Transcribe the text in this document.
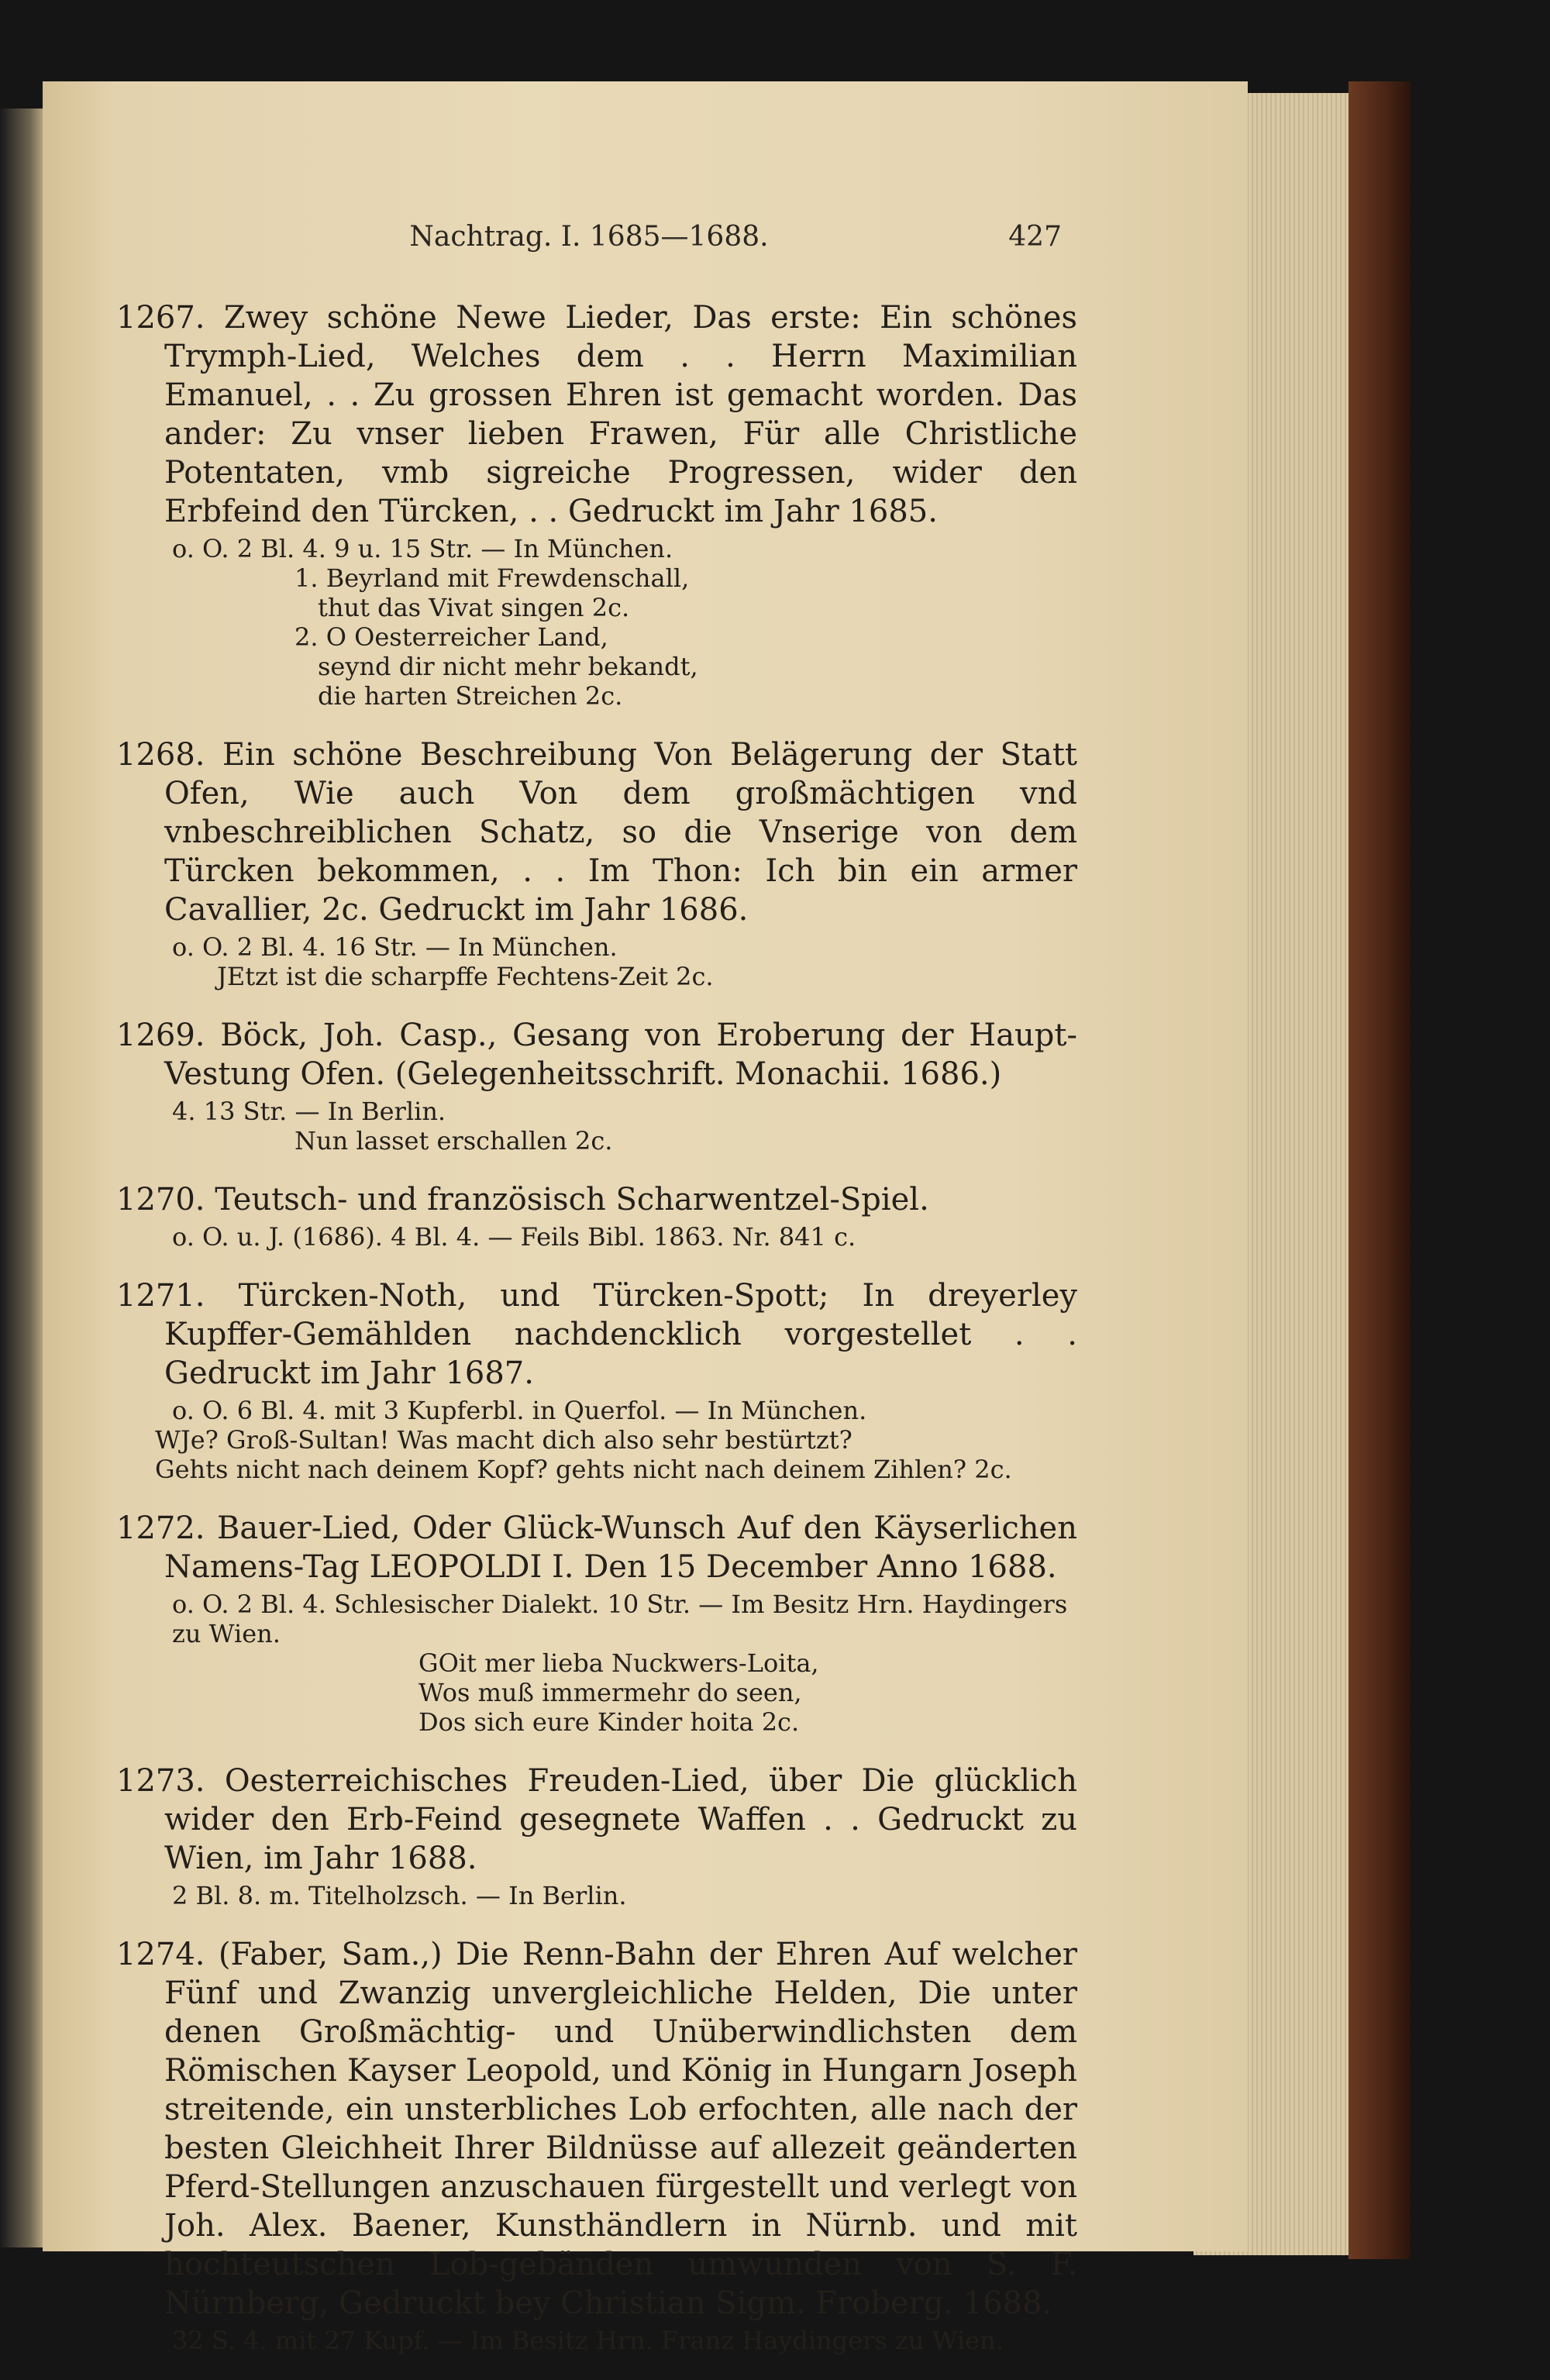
Nachtrag. I. 1685—1688.	427

1267. Zwey schöne Newe Lieder, Das erste: Ein schönes Trymph-Lied, Welches dem . . Herrn Maximilian Emanuel, . . Zu grossen Ehren ist gemacht worden. Das ander: Zu vnser lieben Frawen, Für alle Christliche Potentaten, vmb sigreiche Progressen, wider den Erbfeind den Türcken, . . Gedruckt im Jahr 1685.

o. O. 2 Bl. 4. 9 u. 15 Str. — In München.

1. Beyrland mit Frewdenschall,

thut das Vivat singen 2c.

2. O Oesterreicher Land,

seynd dir nicht mehr bekandt,

die harten Streichen 2c.

1268. Ein schöne Beschreibung Von Belägerung der Statt Ofen, Wie auch Von dem großmächtigen vnd vnbeschreiblichen Schatz, so die Vnserige von dem Türcken bekommen, . . Im Thon: Ich bin ein armer Cavallier, 2c. Gedruckt im Jahr 1686.

o. O. 2 Bl. 4. 16 Str. — In München.

JEtzt ist die scharpffe Fechtens-Zeit 2c.

1269. Böck, Joh. Casp., Gesang von Eroberung der Haupt-Vestung Ofen. (Gelegenheitsschrift. Monachii. 1686.)

4. 13 Str. — In Berlin.

Nun lasset erschallen 2c.

1270. Teutsch- und französisch Scharwentzel-Spiel.

o. O. u. J. (1686). 4 Bl. 4. — Feils Bibl. 1863. Nr. 841 c.

1271. Türcken-Noth, und Türcken-Spott; In dreyerley Kupffer-Gemählden nachdencklich vorgestellet . . Gedruckt im Jahr 1687.

o. O. 6 Bl. 4. mit 3 Kupferbl. in Querfol. — In München.

WJe? Groß-Sultan! Was macht dich also sehr bestürtzt?

Gehts nicht nach deinem Kopf? gehts nicht nach deinem Zihlen? 2c.

1272. Bauer-Lied, Oder Glück-Wunsch Auf den Käyserlichen Namens-Tag LEOPOLDI I. Den 15 December Anno 1688.

o. O. 2 Bl. 4. Schlesischer Dialekt. 10 Str. — Im Besitz Hrn. Haydingers zu Wien.

GOit mer lieba Nuckwers-Loita,

Wos muß immermehr do seen,

Dos sich eure Kinder hoita 2c.

1273. Oesterreichisches Freuden-Lied, über Die glücklich wider den Erb-Feind gesegnete Waffen . . Gedruckt zu Wien, im Jahr 1688.

2 Bl. 8. m. Titelholzsch. — In Berlin.

1274. (Faber, Sam.,) Die Renn-Bahn der Ehren Auf welcher Fünf und Zwanzig unvergleichliche Helden, Die unter denen Großmächtig- und Unüberwindlichsten dem Römischen Kayser Leopold, und König in Hungarn Joseph streitende, ein unsterbliches Lob erfochten, alle nach der besten Gleichheit Ihrer Bildnüsse auf allezeit geänderten Pferd-Stellungen anzuschauen fürgestellt und verlegt von Joh. Alex. Baener, Kunsthändlern in Nürnb. und mit hochteutschen Lob-gebänden umwunden von S. F. Nürnberg, Gedruckt bey Christian Sigm. Froberg. 1688.

32 S. 4. mit 27 Kupf. — Im Besitz Hrn. Franz Haydingers zu Wien.
